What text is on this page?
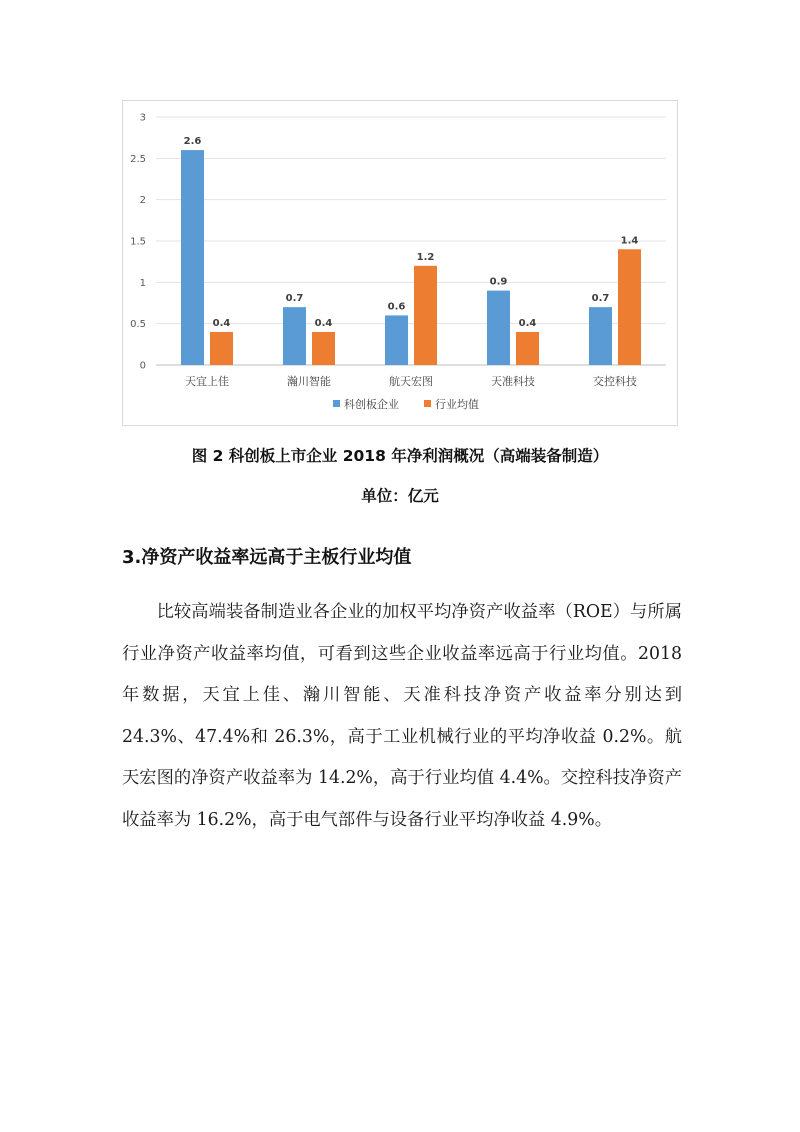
0
0.5
1
1.5
2
2.5
3
2.6
0.4
0.7
0.4
0.6
1.2
0.9
0.4
0.7
1.4
天宜上佳	瀚川智能	航天宏图	天准科技	交控科技
科创板企业	行业均值
图 2 科创板上市企业 2018 年净利润概况（高端装备制造）
单位：亿元
3.净资产收益率远高于主板行业均值

比较高端装备制造业各企业的加权平均净资产收益率（ROE）与所属行业净资产收益率均值，可看到这些企业收益率远高于行业均值。2018 年数据，天宜上佳、瀚川智能、天准科技净资产收益率分别达到 24.3%、47.4%和 26.3%，高于工业机械行业的平均净收益 0.2%。航天宏图的净资产收益率为 14.2%，高于行业均值 4.4%。交控科技净资产收益率为 16.2%，高于电气部件与设备行业平均净收益 4.9%。
